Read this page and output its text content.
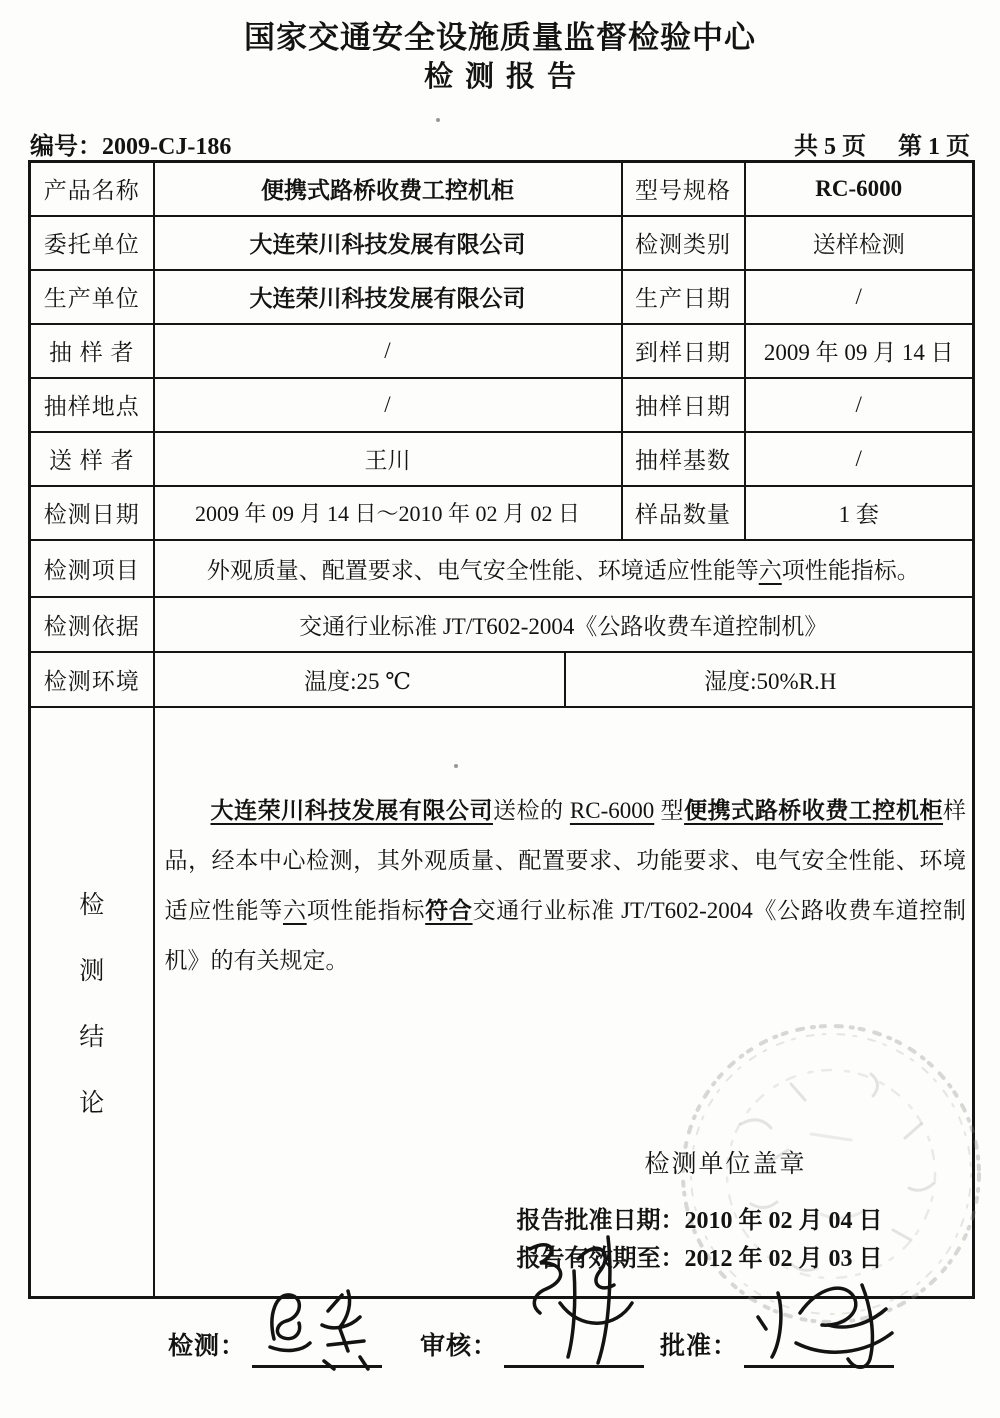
国家交通安全设施质量监督检验中心
检测报告
编号：2009-CJ-186	共 5 页 第 1 页
产品名称	便携式路桥收费工控机柜	型号规格	RC-6000
委托单位	大连荣川科技发展有限公司	检测类别	送样检测
生产单位	大连荣川科技发展有限公司	生产日期	/
抽 样 者	/	到样日期	2009 年 09 月 14 日
抽样地点	/	抽样日期	/
送 样 者	王川	抽样基数	/
检测日期	2009 年 09 月 14 日～2010 年 02 月 02 日	样品数量	1 套
检测项目	外观质量、配置要求、电气安全性能、环境适应性能等六项性能指标。		
检测依据	交通行业标准 JT/T602-2004《公路收费车道控制机》		
检测环境	温度:25 ℃ 湿度:50%R.H		

检
测
结
论

大连荣川科技发展有限公司送检的 RC-6000 型便携式路桥收费工控机柜样品，经本中心检测，其外观质量、配置要求、功能要求、电气安全性能、环境适应性能等六项性能指标符合交通行业标准 JT/T602-2004《公路收费车道控制机》的有关规定。

检测单位盖章
报告批准日期：2010 年 02 月 04 日
报告有效期至：2012 年 02 月 03 日
检测：	审核：	批准：
